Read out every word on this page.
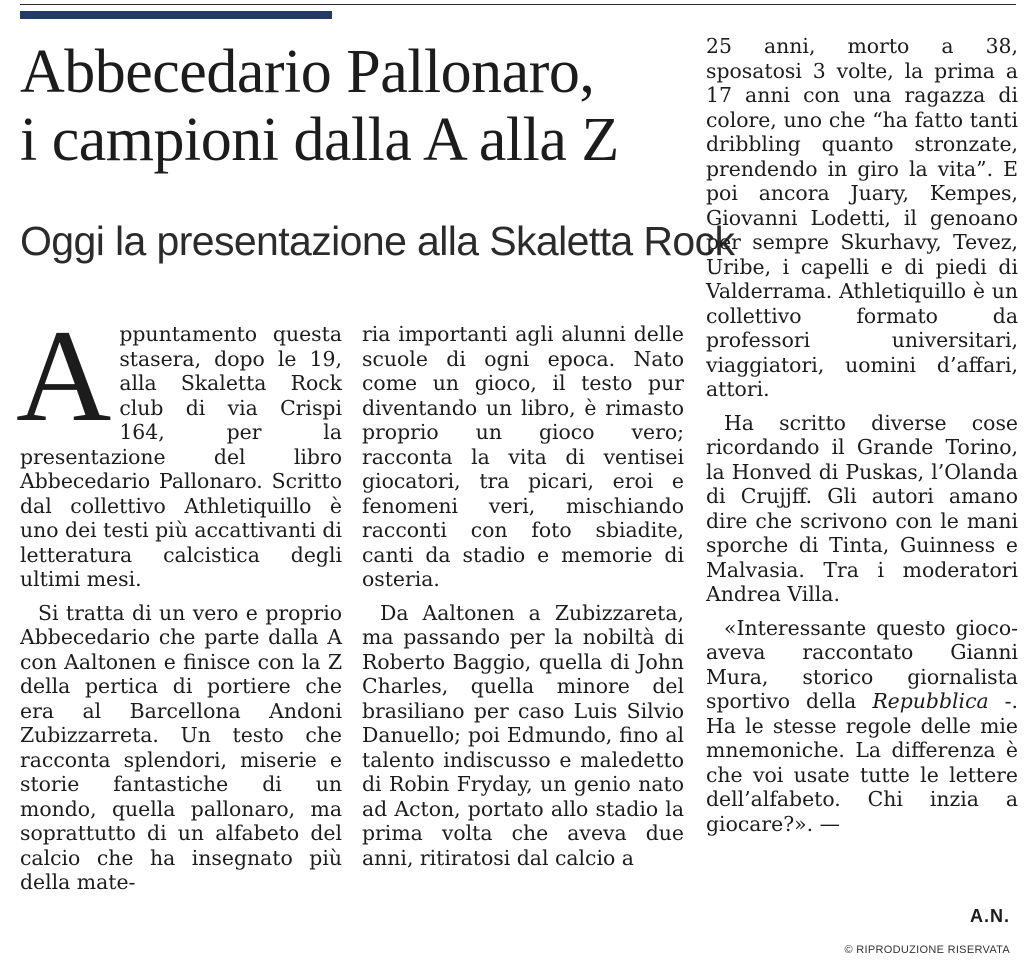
Abbecedario Pallonaro,
i campioni dalla A alla Z
Oggi la presentazione alla Skaletta Rock

A ppuntamento questa stasera, dopo le 19, alla Skaletta Rock club di via Crispi 164, per la presentazione del libro Abbecedario Pallonaro. Scritto dal collettivo Athletiquillo è uno dei testi più accattivanti di letteratura calcistica degli ultimi mesi.

Si tratta di un vero e proprio Abbecedario che parte dalla A con Aaltonen e finisce con la Z della pertica di portiere che era al Barcellona Andoni Zubizzarreta. Un testo che racconta splendori, miserie e storie fantastiche di un mondo, quella pallonaro, ma soprattutto di un alfabeto del calcio che ha insegnato più della mate-

ria importanti agli alunni delle scuole di ogni epoca. Nato come un gioco, il testo pur diventando un libro, è rimasto proprio un gioco vero; racconta la vita di ventisei giocatori, tra picari, eroi e fenomeni veri, mischiando racconti con foto sbiadite, canti da stadio e memorie di osteria.

Da Aaltonen a Zubizzareta, ma passando per la nobiltà di Roberto Baggio, quella di John Charles, quella minore del brasiliano per caso Luis Silvio Danuello; poi Edmundo, fino al talento indiscusso e maledetto di Robin Fryday, un genio nato ad Acton, portato allo stadio la prima volta che aveva due anni, ritiratosi dal calcio a

25 anni, morto a 38, sposatosi 3 volte, la prima a 17 anni con una ragazza di colore, uno che “ha fatto tanti dribbling quanto stronzate, prendendo in giro la vita”. E poi ancora Juary, Kempes, Giovanni Lodetti, il genoano per sempre Skurhavy, Tevez, Uribe, i capelli e di piedi di Valderrama. Athletiquillo è un collettivo formato da professori universitari, viaggiatori, uomini d’affari, attori.

Ha scritto diverse cose ricordando il Grande Torino, la Honved di Puskas, l’Olanda di Crujjff. Gli autori amano dire che scrivono con le mani sporche di Tinta, Guinness e Malvasia. Tra i moderatori Andrea Villa.

«Interessante questo gioco- aveva raccontato Gianni Mura, storico giornalista sportivo della Repubblica -. Ha le stesse regole delle mie mnemoniche. La differenza è che voi usate tutte le lettere dell’alfabeto. Chi inzia a giocare?». —

A.N.
© RIPRODUZIONE RISERVATA
